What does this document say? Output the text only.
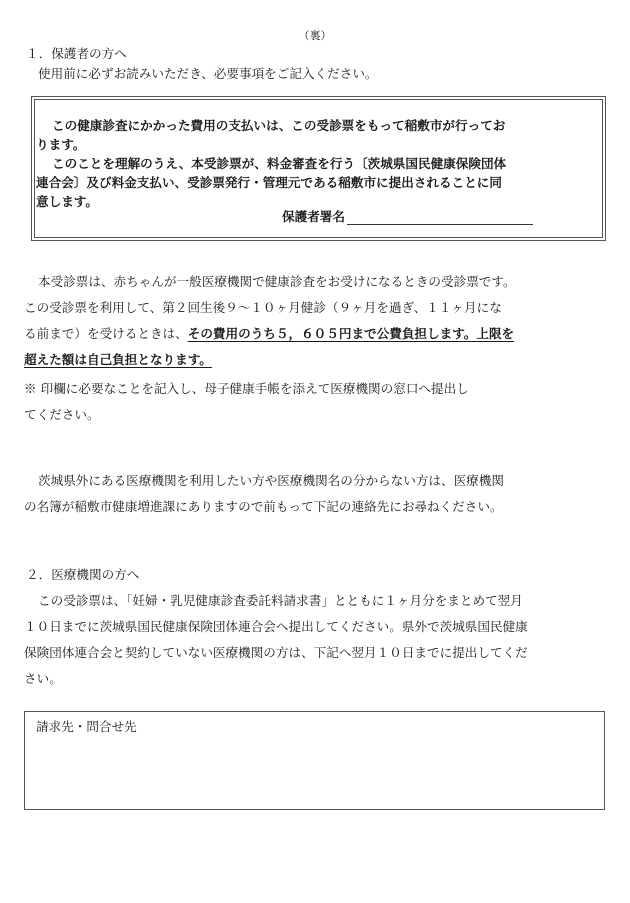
（裏）
１．保護者の方へ
使用前に必ずお読みいただき、必要事項をご記入ください。
この健康診査にかかった費用の支払いは、この受診票をもって稲敷市が行ってお
ります。
このことを理解のうえ、本受診票が、料金審査を行う〔茨城県国民健康保険団体
連合会〕及び料金支払い、受診票発行・管理元である稲敷市に提出されることに同
意します。
保護者署名
本受診票は、赤ちゃんが一般医療機関で健康診査をお受けになるときの受診票です。
この受診票を利用して、第２回生後９～１０ヶ月健診（９ヶ月を過ぎ、１１ヶ月にな
る前まで）を受けるときは、その費用のうち５，６０５円まで公費負担します。上限を
超えた額は自己負担となります。
※ 印欄に必要なことを記入し、母子健康手帳を添えて医療機関の窓口へ提出し
てください。
茨城県外にある医療機関を利用したい方や医療機関名の分からない方は、医療機関
の名簿が稲敷市健康増進課にありますので前もって下記の連絡先にお尋ねください。
２．医療機関の方へ
この受診票は、「妊婦・乳児健康診査委託料請求書」とともに１ヶ月分をまとめて翌月
１０日までに茨城県国民健康保険団体連合会へ提出してください。県外で茨城県国民健康
保険団体連合会と契約していない医療機関の方は、下記へ翌月１０日までに提出してくだ
さい。
請求先・問合せ先
